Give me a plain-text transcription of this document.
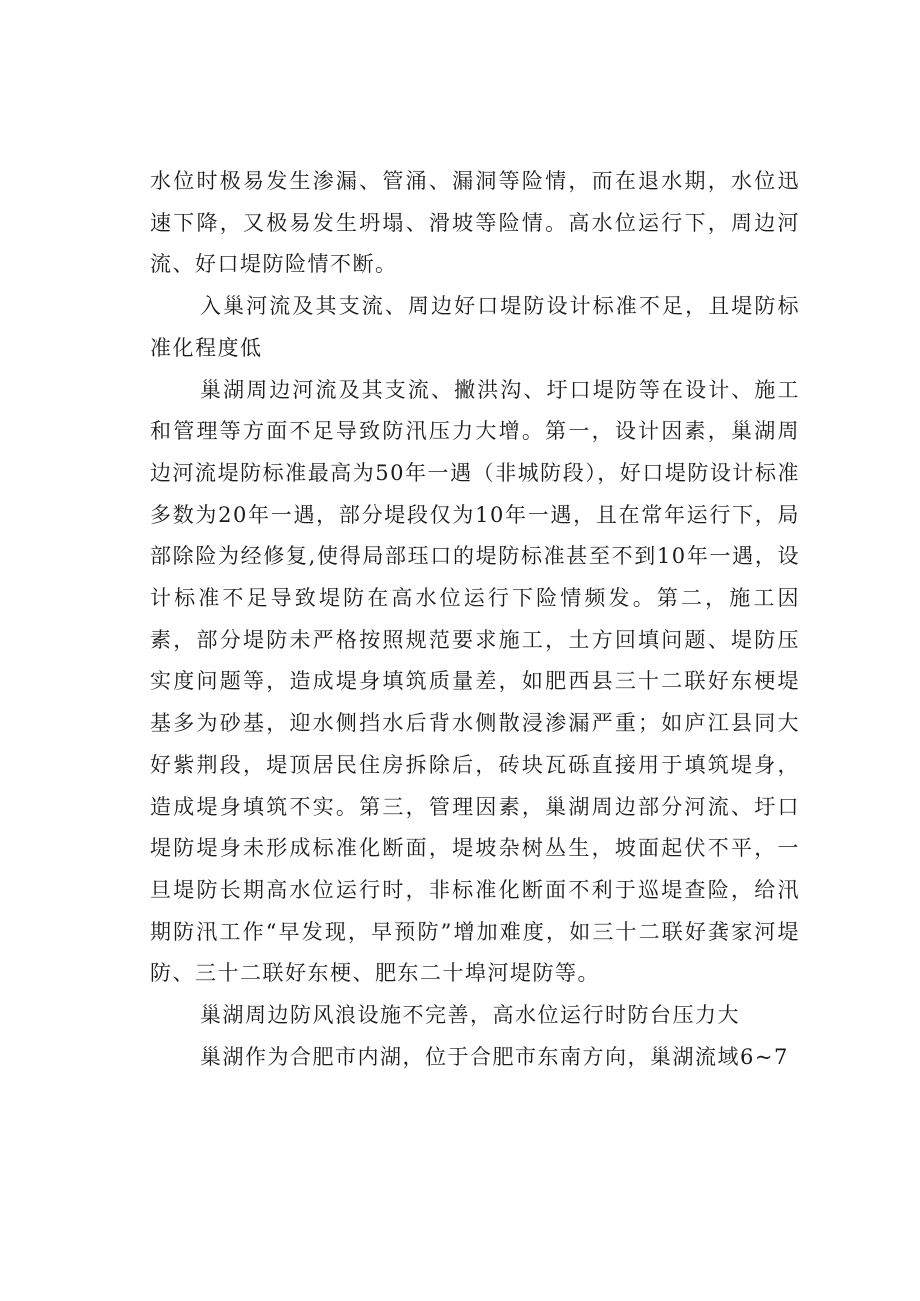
水位时极易发生渗漏、管涌、漏洞等险情，而在退水期，水位迅速下降，又极易发生坍塌、滑坡等险情。高水位运行下，周边河流、好口堤防险情不断。

入巢河流及其支流、周边好口堤防设计标准不足，且堤防标准化程度低

巢湖周边河流及其支流、撇洪沟、圩口堤防等在设计、施工和管理等方面不足导致防汛压力大增。第一，设计因素，巢湖周边河流堤防标准最高为50年一遇（非城防段），好口堤防设计标准多数为20年一遇，部分堤段仅为10年一遇，且在常年运行下，局部除险为经修复,使得局部珏口的堤防标准甚至不到10年一遇，设计标准不足导致堤防在高水位运行下险情频发。第二，施工因素，部分堤防未严格按照规范要求施工，土方回填问题、堤防压实度问题等，造成堤身填筑质量差，如肥西县三十二联好东梗堤基多为砂基，迎水侧挡水后背水侧散浸渗漏严重；如庐江县同大好紫荆段，堤顶居民住房拆除后，砖块瓦砾直接用于填筑堤身，造成堤身填筑不实。第三，管理因素，巢湖周边部分河流、圩口堤防堤身未形成标准化断面，堤坡杂树丛生，坡面起伏不平，一旦堤防长期高水位运行时，非标准化断面不利于巡堤查险，给汛期防汛工作“早发现，早预防”增加难度，如三十二联好龚家河堤防、三十二联好东梗、肥东二十埠河堤防等。

巢湖周边防风浪设施不完善，高水位运行时防台压力大

巢湖作为合肥市内湖，位于合肥市东南方向，巢湖流域6~7
